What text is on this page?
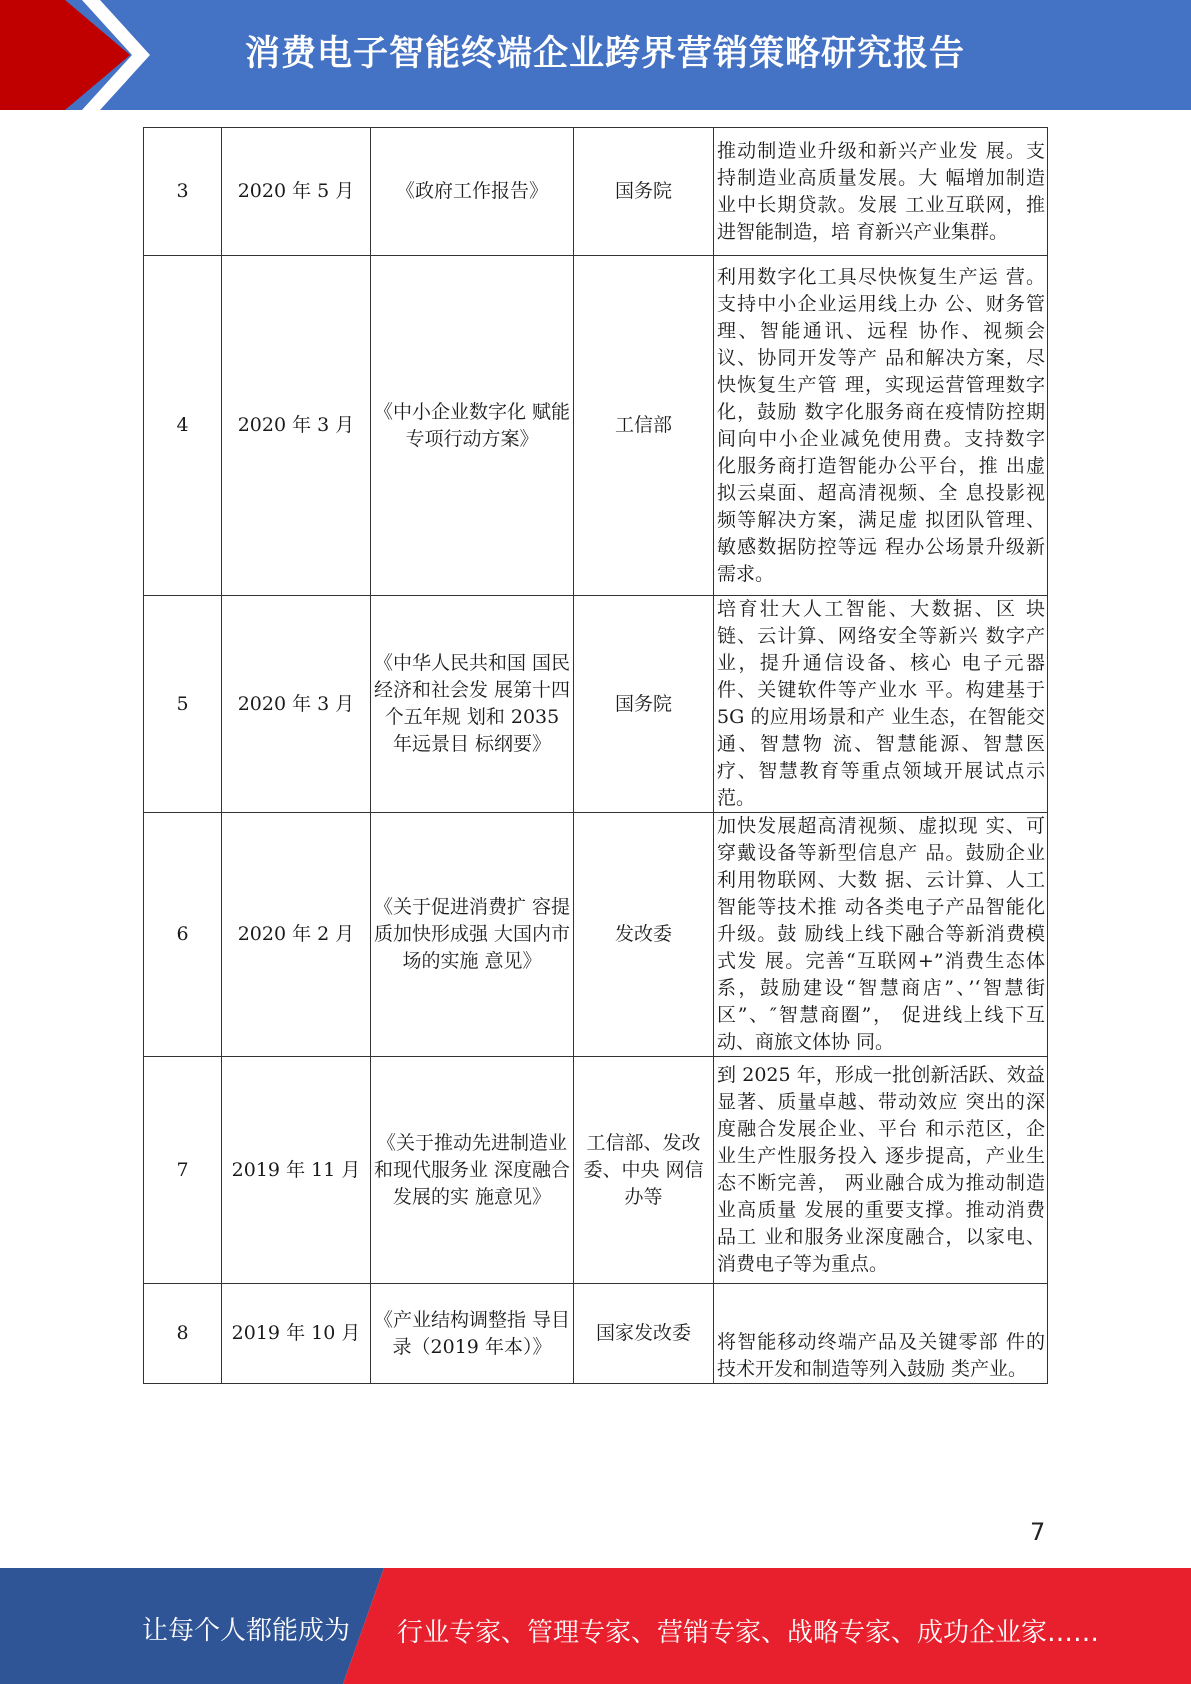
消费电子智能终端企业跨界营销策略研究报告
3	2020 年 5 月	《政府工作报告》	国务院	推动制造业升级和新兴产业发 展。支持制造业高质量发展。大 幅增加制造业中长期贷款。发展 工业互联网，推进智能制造，培 育新兴产业集群。
4	2020 年 3 月	《中小企业数字化 赋能专项行动方案》	工信部	利用数字化工具尽快恢复生产运 营。支持中小企业运用线上办 公、财务管理、智能通讯、远程 协作、视频会议、协同开发等产 品和解决方案，尽快恢复生产管 理，实现运营管理数字化，鼓励 数字化服务商在疫情防控期间向中小企业减免使用费。支持数字 化服务商打造智能办公平台，推 出虚拟云桌面、超高清视频、全 息投影视频等解决方案，满足虚 拟团队管理、敏感数据防控等远 程办公场景升级新需求。
5	2020 年 3 月	《中华人民共和国 国民经济和社会发 展第十四个五年规 划和 2035 年远景目 标纲要》	国务院	培育壮大人工智能、大数据、区 块链、云计算、网络安全等新兴 数字产业，提升通信设备、核心 电子元器件、关键软件等产业水 平。构建基于 5G 的应用场景和产 业生态，在智能交通、智慧物 流、智慧能源、智慧医疗、智慧教育等重点领域开展试点示范。
6	2020 年 2 月	《关于促进消费扩 容提质加快形成强 大国内市场的实施 意见》	发改委	加快发展超高清视频、虚拟现 实、可穿戴设备等新型信息产 品。鼓励企业利用物联网、大数 据、云计算、人工智能等技术推 动各类电子产品智能化升级。鼓 励线上线下融合等新消费模式发 展。完善“互联网+”消费生态体系，鼓励建设“智慧商店”、’‘智慧街区”、″智慧商圈”， 促进线上线下互动、商旅文体协 同。
7	2019 年 11 月	《关于推动先进制造业和现代服务业 深度融合发展的实 施意见》	工信部、发改委、中央 网信办等	到 2025 年，形成一批创新活跃、效益显著、质量卓越、带动效应 突出的深度融合发展企业、平台 和示范区，企业生产性服务投入 逐步提高，产业生态不断完善， 两业融合成为推动制造业高质量 发展的重要支撑。推动消费品工 业和服务业深度融合，以家电、消费电子等为重点。
8	2019 年 10 月	《产业结构调整指 导目录（2019 年本）》	国家发改委	将智能移动终端产品及关键零部 件的技术开发和制造等列入鼓励 类产业。
7
让每个人都能成为 行业专家、管理专家、营销专家、战略专家、成功企业家……
